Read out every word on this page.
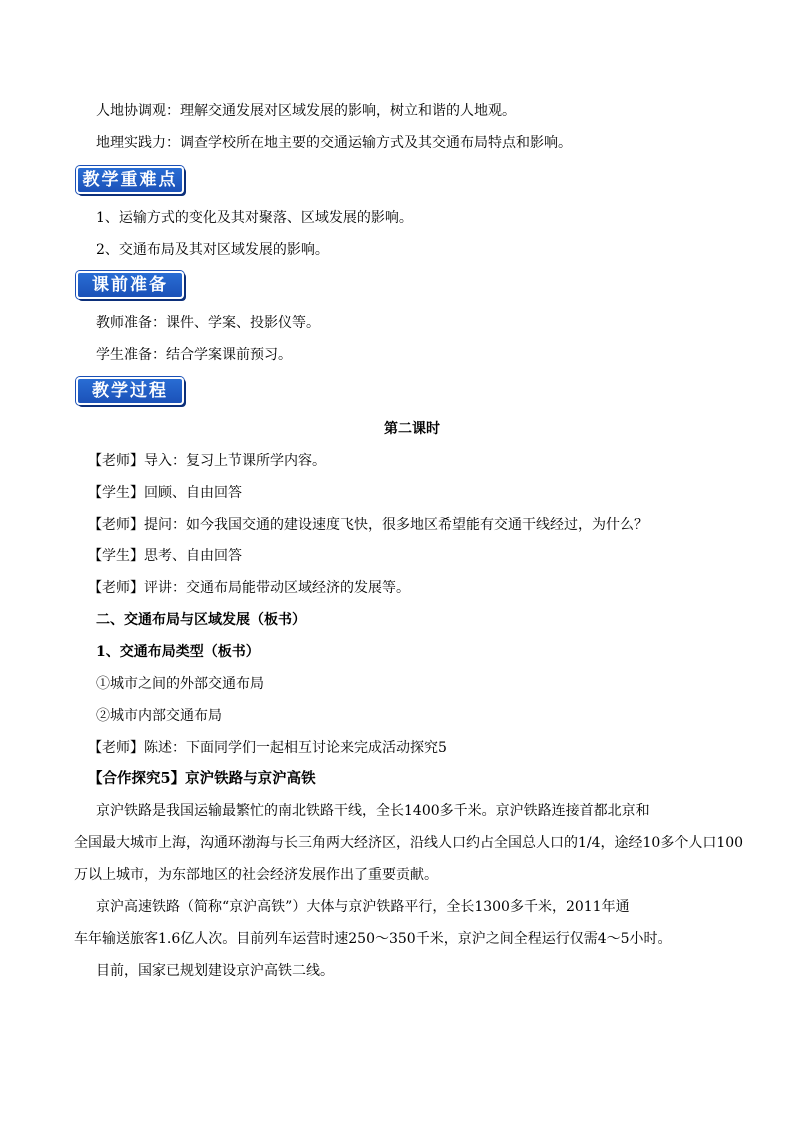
人地协调观：理解交通发展对区域发展的影响，树立和谐的人地观。
地理实践力：调查学校所在地主要的交通运输方式及其交通布局特点和影响。
教学重难点
1、运输方式的变化及其对聚落、区域发展的影响。
2、交通布局及其对区域发展的影响。
课前准备
教师准备：课件、学案、投影仪等。
学生准备：结合学案课前预习。
教学过程
第二课时
【老师】导入：复习上节课所学内容。
【学生】回顾、自由回答
【老师】提问：如今我国交通的建设速度飞快，很多地区希望能有交通干线经过，为什么？
【学生】思考、自由回答
【老师】评讲：交通布局能带动区域经济的发展等。
二、交通布局与区域发展（板书）
1、交通布局类型（板书）
①城市之间的外部交通布局
②城市内部交通布局
【老师】陈述：下面同学们一起相互讨论来完成活动探究5
【合作探究5】京沪铁路与京沪高铁
京沪铁路是我国运输最繁忙的南北铁路干线，全长1400多千米。京沪铁路连接首都北京和
全国最大城市上海，沟通环渤海与长三角两大经济区，沿线人口约占全国总人口的1/4，途经10多个人口100
万以上城市，为东部地区的社会经济发展作出了重要贡献。
京沪高速铁路（简称“京沪高铁”）大体与京沪铁路平行，全长1300多千米，2011年通
车年输送旅客1.6亿人次。目前列车运营时速250～350千米，京沪之间全程运行仅需4～5小时。
目前，国家已规划建设京沪高铁二线。
